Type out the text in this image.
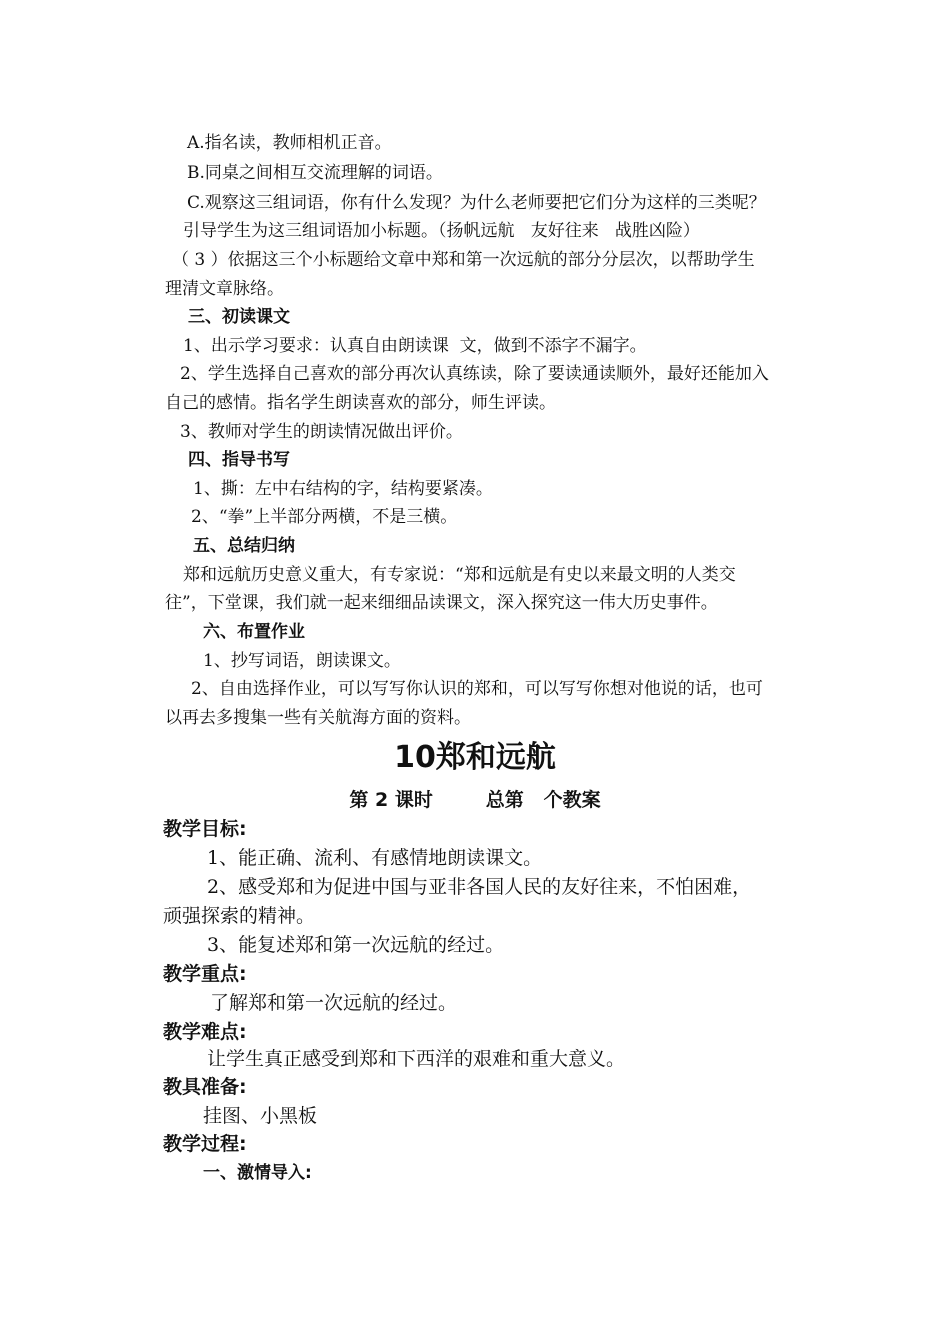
A.指名读，教师相机正音。
B.同桌之间相互交流理解的词语。
C.观察这三组词语，你有什么发现？为什么老师要把它们分为这样的三类呢？
引导学生为这三组词语加小标题。（扬帆远航   友好往来   战胜凶险）
（ 3 ）依据这三个小标题给文章中郑和第一次远航的部分分层次，以帮助学生
理清文章脉络。
三、初读课文
1、出示学习要求：认真自由朗读课  文，做到不添字不漏字。
2、学生选择自己喜欢的部分再次认真练读，除了要读通读顺外，最好还能加入
自己的感情。指名学生朗读喜欢的部分，师生评读。
3、教师对学生的朗读情况做出评价。
四、指导书写
1、撕：左中右结构的字，结构要紧凑。
2、“拳”上半部分两横，不是三横。
五、总结归纳
郑和远航历史意义重大，有专家说：“郑和远航是有史以来最文明的人类交
往”，下堂课，我们就一起来细细品读课文，深入探究这一伟大历史事件。
六、布置作业
1、抄写词语，朗读课文。
2、自由选择作业，可以写写你认识的郑和，可以写写你想对他说的话，也可
以再去多搜集一些有关航海方面的资料。
10郑和远航
第 2 课时        总第   个教案
教学目标:
1、能正确、流利、有感情地朗读课文。
2、感受郑和为促进中国与亚非各国人民的友好往来，不怕困难，
顽强探索的精神。
3、能复述郑和第一次远航的经过。
教学重点:
了解郑和第一次远航的经过。
教学难点:
让学生真正感受到郑和下西洋的艰难和重大意义。
教具准备:
挂图、小黑板
教学过程:
一、激情导入:
